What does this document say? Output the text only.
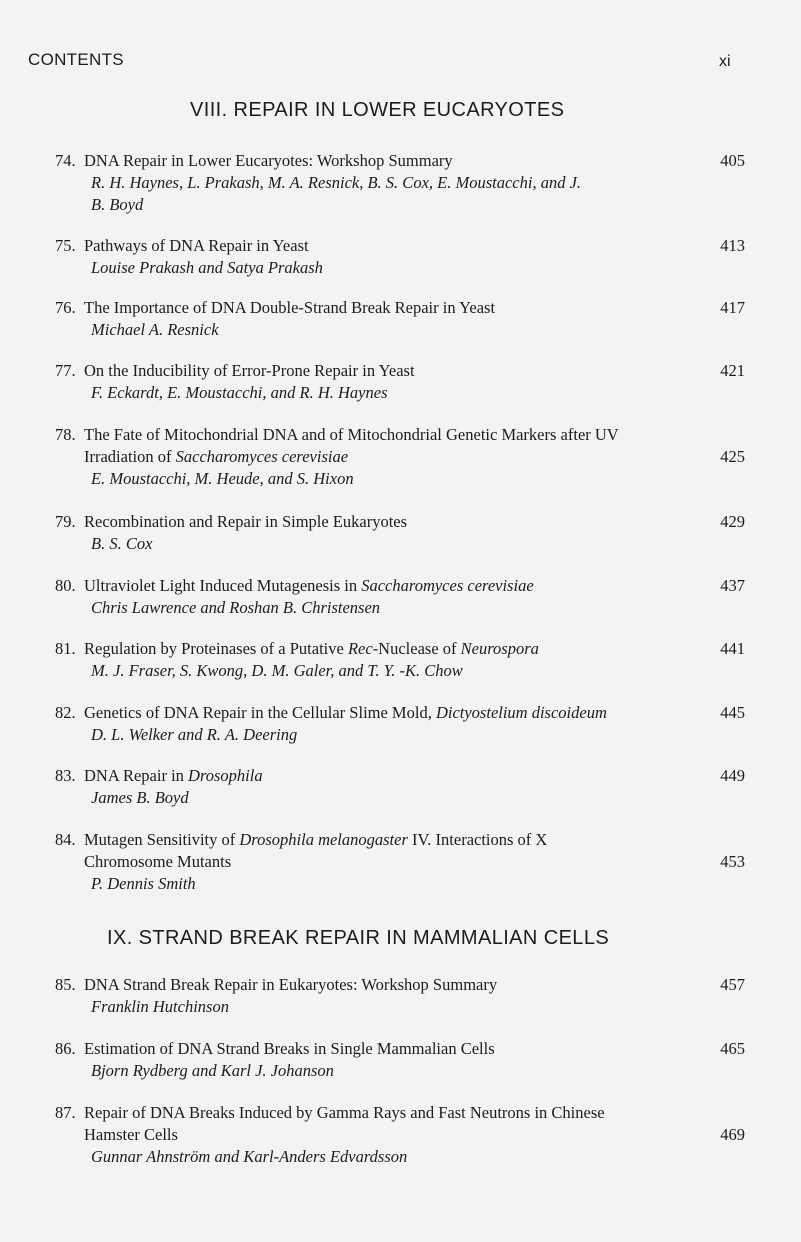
CONTENTS	xi
VIII. REPAIR IN LOWER EUCARYOTES
74. DNA Repair in Lower Eucaryotes: Workshop Summary
R. H. Haynes, L. Prakash, M. A. Resnick, B. S. Cox, E. Moustacchi, and J.
B. Boyd
405
75. Pathways of DNA Repair in Yeast
Louise Prakash and Satya Prakash
413
76. The Importance of DNA Double-Strand Break Repair in Yeast
Michael A. Resnick
417
77. On the Inducibility of Error-Prone Repair in Yeast
F. Eckardt, E. Moustacchi, and R. H. Haynes
421
78. The Fate of Mitochondrial DNA and of Mitochondrial Genetic Markers after UV
Irradiation of Saccharomyces cerevisiae
E. Moustacchi, M. Heude, and S. Hixon
425
79. Recombination and Repair in Simple Eukaryotes
B. S. Cox
429
80. Ultraviolet Light Induced Mutagenesis in Saccharomyces cerevisiae
Chris Lawrence and Roshan B. Christensen
437
81. Regulation by Proteinases of a Putative Rec-Nuclease of Neurospora
M. J. Fraser, S. Kwong, D. M. Galer, and T. Y. -K. Chow
441
82. Genetics of DNA Repair in the Cellular Slime Mold, Dictyostelium discoideum
D. L. Welker and R. A. Deering
445
83. DNA Repair in Drosophila
James B. Boyd
449
84. Mutagen Sensitivity of Drosophila melanogaster IV. Interactions of X
Chromosome Mutants
P. Dennis Smith
453
IX. STRAND BREAK REPAIR IN MAMMALIAN CELLS
85. DNA Strand Break Repair in Eukaryotes: Workshop Summary
Franklin Hutchinson
457
86. Estimation of DNA Strand Breaks in Single Mammalian Cells
Bjorn Rydberg and Karl J. Johanson
465
87. Repair of DNA Breaks Induced by Gamma Rays and Fast Neutrons in Chinese
Hamster Cells
Gunnar Ahnström and Karl-Anders Edvardsson
469
